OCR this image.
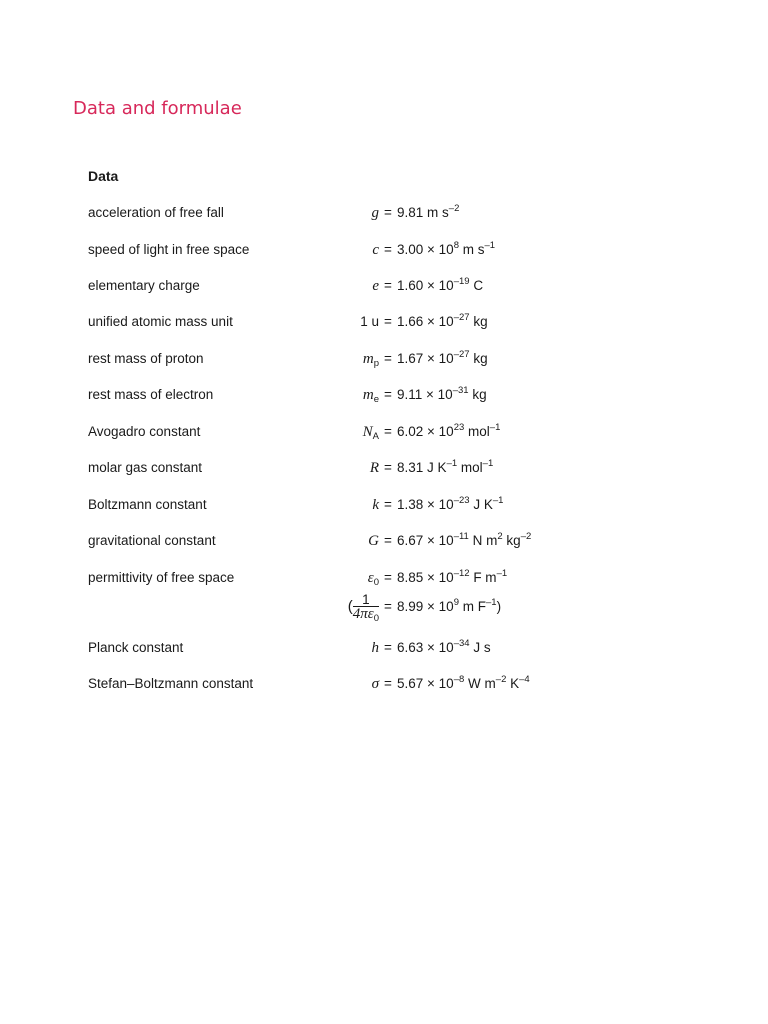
Data and formulae
Data
acceleration of free fall	g = 9.81 m $s^{-2}$
speed of light in free space	$c = 3.00 \times 10^8$ m $s^{-1}$
elementary charge	$e = 1.60 \times 10^{-19}$ C
unified atomic mass unit	1 $u = 1.66 \times 10^{-27}$ kg
rest mass of proton	$m_p = 1.67 \times 10^{-27}$ kg
rest mass of electron	$m_e = 9.11 \times 10^{-31}$ kg
Avogadro constant	$N_A = 6.02 \times 10^{23}$ mol$^{-1}$
molar gas constant	R = 8.31 J $K^{-1}$ mol$^{-1}$
Boltzmann constant	$k = 1.38 \times 10^{-23}$ J $K^{-1}$
gravitational constant	$G = 6.67 \times 10^{-11}$ N $m^2$ $kg^{-2}$
permittivity of free space	$\varepsilon_0 = 8.85 \times 10^{-12}$ F $m^{-1}$
( $\frac{1}{4\pi\varepsilon_0} = 8.99 \times 10^9$ m $F^{-1}$)
Planck constant	$h = 6.63 \times 10^{-34}$ J s
Stefan–Boltzmann constant	$\sigma = 5.67 \times 10^{-8}$ W $m^{-2}$ $K^{-4}$
